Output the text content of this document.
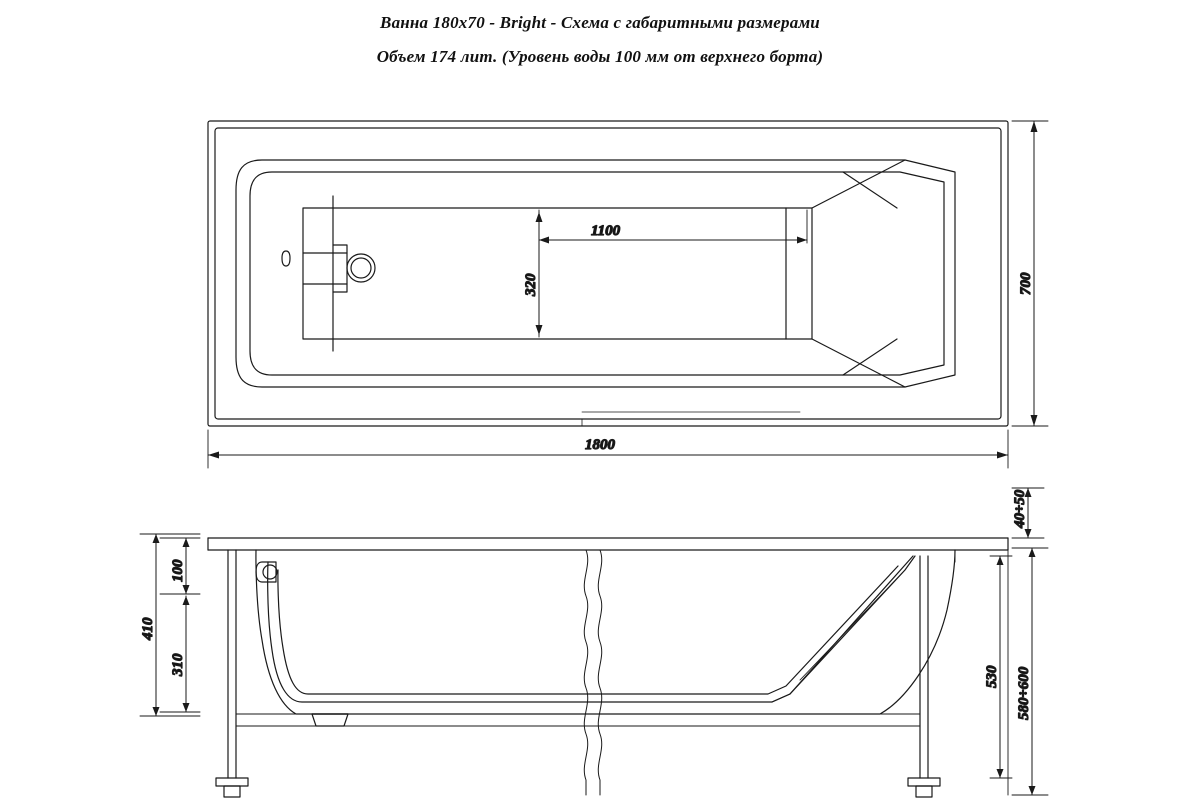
Ванна 180х70 - Bright - Схема с габаритными размерами
Объем 174 лит. (Уровень воды 100 мм от верхнего борта)
1100
320
1800
700
100
310
410
40÷50
530 580÷600
